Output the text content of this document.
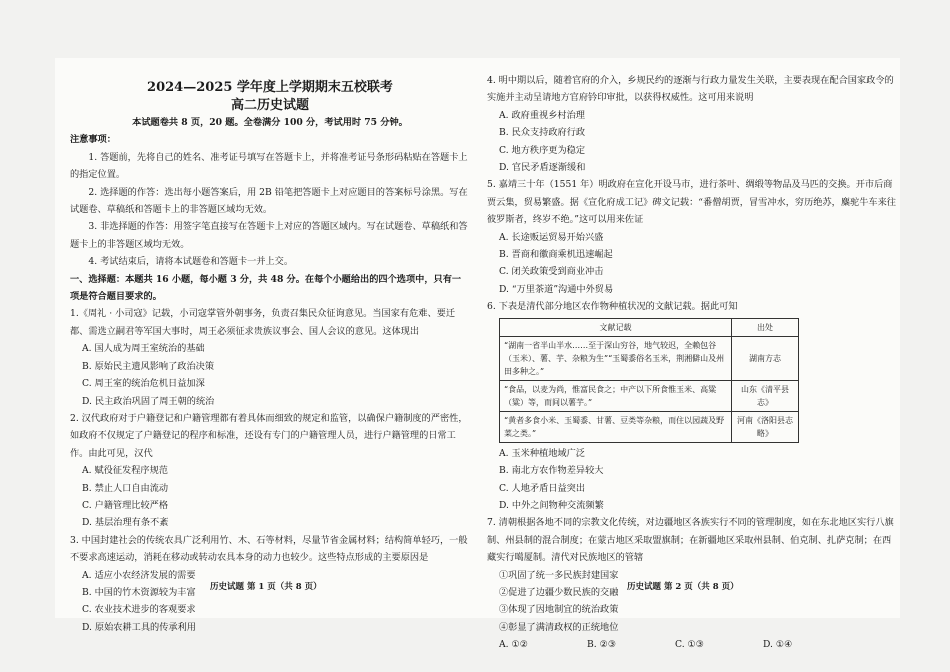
2024—2025 学年度上学期期末五校联考
高二历史试题
本试题卷共 8 页，20 题。全卷满分 100 分，考试用时 75 分钟。
注意事项：

1. 答题前，先将自己的姓名、准考证号填写在答题卡上，并将准考证号条形码粘贴在答题卡上的指定位置。

2. 选择题的作答：选出每小题答案后，用 2B 铅笔把答题卡上对应题目的答案标号涂黑。写在试题卷、草稿纸和答题卡上的非答题区域均无效。

3. 非选择题的作答：用签字笔直接写在答题卡上对应的答题区域内。写在试题卷、草稿纸和答题卡上的非答题区域均无效。

4. 考试结束后，请将本试题卷和答题卡一并上交。

一、选择题：本题共 16 小题，每小题 3 分，共 48 分。在每个小题给出的四个选项中，只有一项是符合题目要求的。

1.《周礼 · 小司寇》记载，小司寇掌管外朝事务，负责召集民众征询意见。当国家有危难、要迁都、需选立嗣君等军国大事时，周王必须征求贵族议事会、国人会议的意见。这体现出

A. 国人成为周王室统治的基础

B. 原始民主遗风影响了政治决策

C. 周王室的统治危机日益加深

D. 民主政治巩固了周王朝的统治

2. 汉代政府对于户籍登记和户籍管理都有着具体而细致的规定和监管，以确保户籍制度的严密性，如政府不仅规定了户籍登记的程序和标准，还设有专门的户籍管理人员，进行户籍管理的日常工作。由此可见，汉代

A. 赋役征发程序规范

B. 禁止人口自由流动

C. 户籍管理比较严格

D. 基层治理有条不紊

3. 中国封建社会的传统农具广泛利用竹、木、石等材料，尽量节省金属材料；结构简单轻巧，一般不要求高速运动，消耗在移动或转动农具本身的动力也较少。这些特点形成的主要原因是

A. 适应小农经济发展的需要

B. 中国的竹木资源较为丰富

C. 农业技术进步的客观要求

D. 原始农耕工具的传承利用

4. 明中期以后，随着官府的介入，乡规民约的逐渐与行政力量发生关联，主要表现在配合国家政令的实施并主动呈请地方官府钤印审批，以获得权威性。这可用来说明

A. 政府重视乡村治理

B. 民众支持政府行政

C. 地方秩序更为稳定

D. 官民矛盾逐渐缓和

5. 嘉靖三十年（1551 年）明政府在宣化开设马市，进行茶叶、绸缎等物品及马匹的交换。开市后商贾云集，贸易繁盛。据《宣化府成工记》碑文记载：“番僧胡贾，冒雪冲水，穷历绝苏，麋驼牛车来往彼罗斯者，终岁不绝。”这可以用来佐证

A. 长途贩运贸易开始兴盛

B. 晋商和徽商乘机迅速崛起

C. 闭关政策受到商业冲击

D. “万里茶道”沟通中外贸易

6. 下表是清代部分地区农作物种植状况的文献记载。据此可知

文献记载	出处
“湖南一省半山半水……至于深山穷谷，地气较迟，全赖包谷（玉米）、薯、芋、杂粮为生”“玉蜀黍俗名玉米，荆湘僻山及州田多种之。”	湖南方志
“食品，以麦为尚，惟富民食之；中产以下所食惟玉米、高粱（粱）等，而间以薯芋。”	山东《清平县志》
“黄者多食小米、玉蜀黍、甘薯、豆类等杂粮，而住以园蔬及野菜之类。”	河南《洛阳县志略》

A. 玉米种植地域广泛

B. 南北方农作物差异较大

C. 人地矛盾日益突出

D. 中外之间物种交流频繁

7. 清朝根据各地不同的宗教文化传统，对边疆地区各族实行不同的管理制度，如在东北地区实行八旗制、州县制的混合制度；在蒙古地区采取盟旗制；在新疆地区采取州县制、伯克制、扎萨克制；在西藏实行噶厦制。清代对民族地区的管辖

①巩固了统一多民族封建国家

②促进了边疆少数民族的交融

③体现了因地制宜的统治政策

④彰显了满清政权的正统地位

A. ①②	B. ②③	C. ①③	D. ①④
历史试题 第 1 页（共 8 页）	历史试题 第 2 页（共 8 页）
